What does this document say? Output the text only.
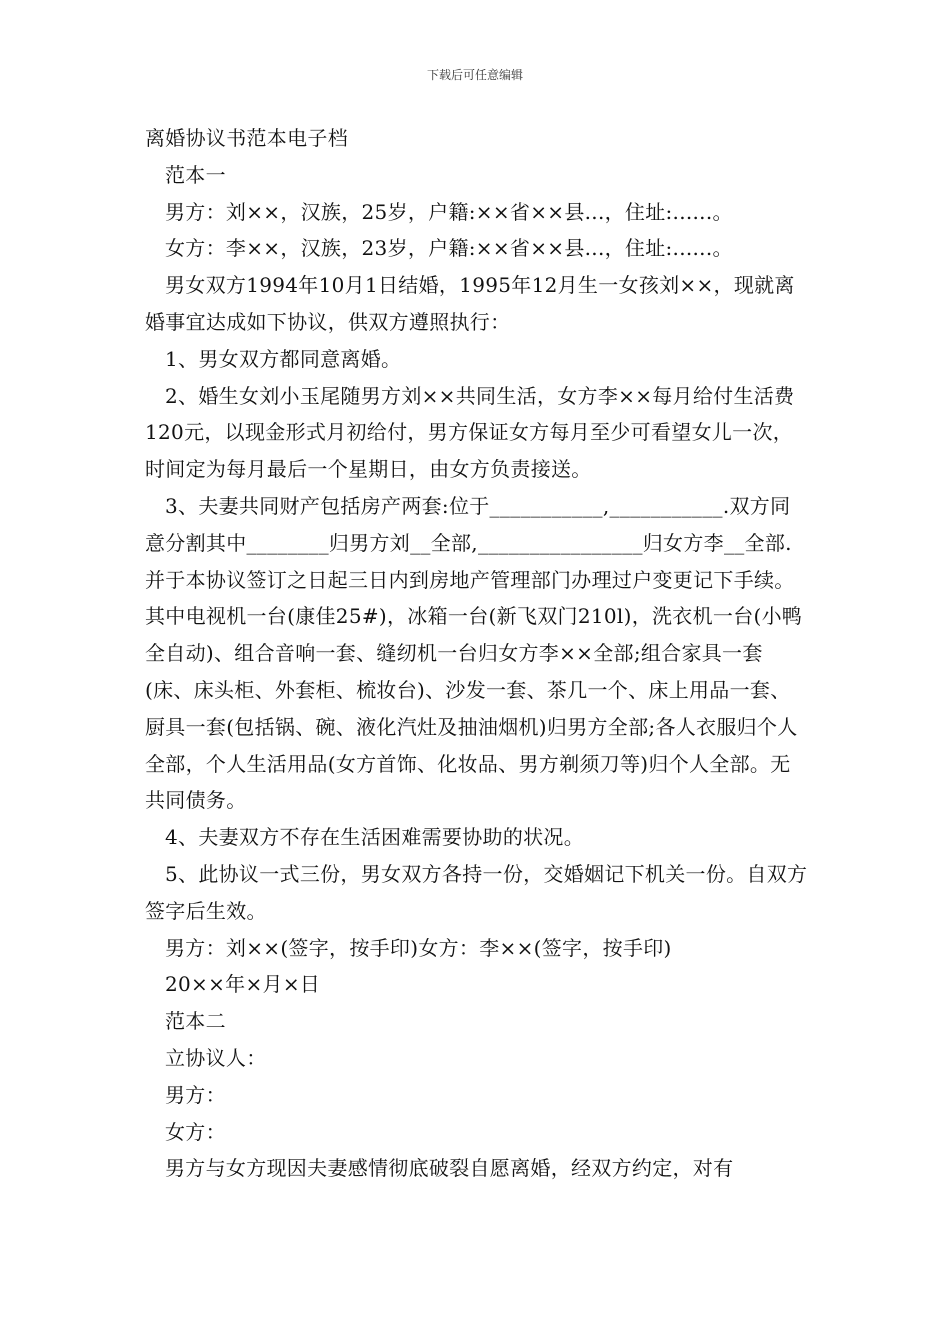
下载后可任意编辑

离婚协议书范本电子档

范本一

男方：刘××，汉族，25岁，户籍:××省××县...，住址:......。

女方：李××，汉族，23岁，户籍:××省××县...，住址:......。

男女双方1994年10月1日结婚，1995年12月生一女孩刘××，现就离婚事宜达成如下协议，供双方遵照执行：

1、男女双方都同意离婚。

2、婚生女刘小玉尾随男方刘××共同生活，女方李××每月给付生活费120元，以现金形式月初给付，男方保证女方每月至少可看望女儿一次，时间定为每月最后一个星期日，由女方负责接送。

3、夫妻共同财产包括房产两套:位于___________,___________.双方同意分割其中________归男方刘__全部,________________归女方李__全部.并于本协议签订之日起三日内到房地产管理部门办理过户变更记下手续。其中电视机一台(康佳25#)，冰箱一台(新飞双门210l)，洗衣机一台(小鸭全自动)、组合音响一套、缝纫机一台归女方李××全部;组合家具一套(床、床头柜、外套柜、梳妆台)、沙发一套、茶几一个、床上用品一套、厨具一套(包括锅、碗、液化汽灶及抽油烟机)归男方全部;各人衣服归个人全部，个人生活用品(女方首饰、化妆品、男方剃须刀等)归个人全部。无共同债务。

4、夫妻双方不存在生活困难需要协助的状况。

5、此协议一式三份，男女双方各持一份，交婚姻记下机关一份。自双方签字后生效。

男方：刘××(签字，按手印)女方：李××(签字，按手印)

20××年×月×日

范本二

立协议人：

男方：

女方：

男方与女方现因夫妻感情彻底破裂自愿离婚，经双方约定，对有
